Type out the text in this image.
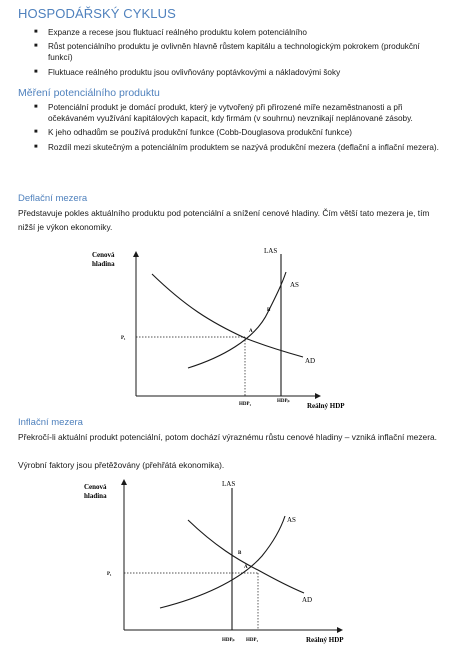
HOSPODÁŘSKÝ CYKLUS
■ Expanze a recese jsou fluktuací reálného produktu kolem potenciálního
■ Růst potenciálního produktu je ovlivněn hlavně růstem kapitálu a technologickým pokrokem (produkční funkcí)
■ Fluktuace reálného produktu jsou ovlivňovány poptávkovými a nákladovými šoky
Měření potenciálního produktu
■ Potenciální produkt je domácí produkt, který je vytvořený při přirozené míře nezaměstnanosti a při očekávaném využívání kapitálových kapacit, kdy firmám (v souhrnu) nevznikají neplánované zásoby.
■ K jeho odhadům se používá produkční funkce (Cobb-Douglasova produkční funkce)
■ Rozdíl mezi skutečným a potenciálním produktem se nazývá produkční mezera (deflační a inflační mezera).
Deflační mezera
Představuje pokles aktuálního produktu pod potenciální a snížení cenové hladiny. Čím větší tato mezera je, tím nižší je výkon ekonomiky.
Cenová
hladina
Reálný HDP
LAS
AS
AD
P₁
A
B
HDP₁
HDPₚ
Inflační mezera
Překročí-li aktuální produkt potenciální, potom dochází výraznému růstu cenové hladiny – vzniká inflační mezera.
Výrobní faktory jsou přetěžovány (přehřátá ekonomika).
Cenová
hladina
Reálný HDP
LAS
AS
AD
P₁
A
B
HDPₚ HDP₁
